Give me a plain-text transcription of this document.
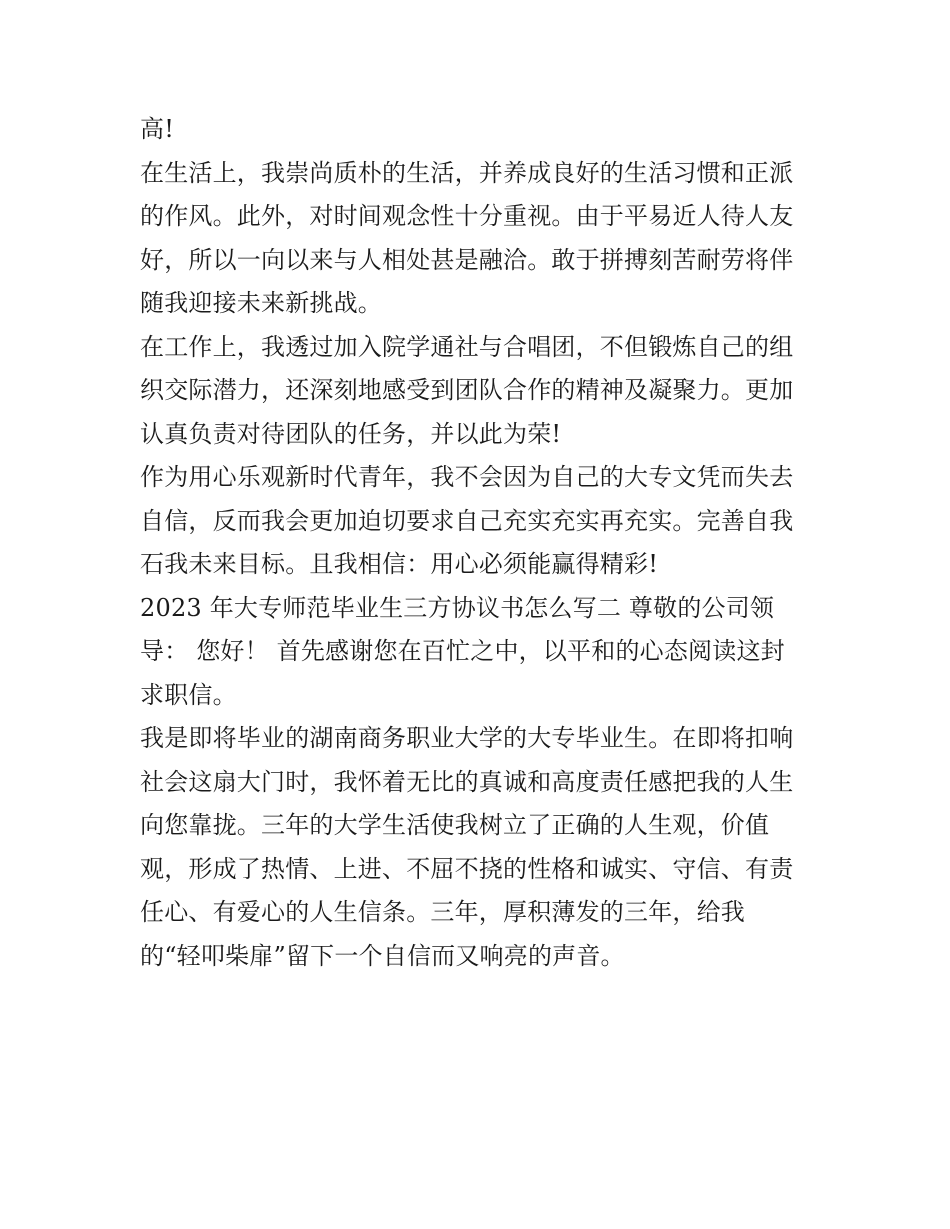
高!
在生活上，我崇尚质朴的生活，并养成良好的生活习惯和正派
的作风。此外，对时间观念性十分重视。由于平易近人待人友
好，所以一向以来与人相处甚是融洽。敢于拼搏刻苦耐劳将伴
随我迎接未来新挑战。
在工作上，我透过加入院学通社与合唱团，不但锻炼自己的组
织交际潜力，还深刻地感受到团队合作的精神及凝聚力。更加
认真负责对待团队的任务，并以此为荣!
作为用心乐观新时代青年，我不会因为自己的大专文凭而失去
自信，反而我会更加迫切要求自己充实充实再充实。完善自我
石我未来目标。且我相信：用心必须能赢得精彩!
2023 年大专师范毕业生三方协议书怎么写二 尊敬的公司领
导： 您好！ 首先感谢您在百忙之中，以平和的心态阅读这封
求职信。
我是即将毕业的湖南商务职业大学的大专毕业生。在即将扣响
社会这扇大门时，我怀着无比的真诚和高度责任感把我的人生
向您靠拢。三年的大学生活使我树立了正确的人生观，价值
观，形成了热情、上进、不屈不挠的性格和诚实、守信、有责
任心、有爱心的人生信条。三年，厚积薄发的三年，给我
的“轻叩柴扉”留下一个自信而又响亮的声音。
